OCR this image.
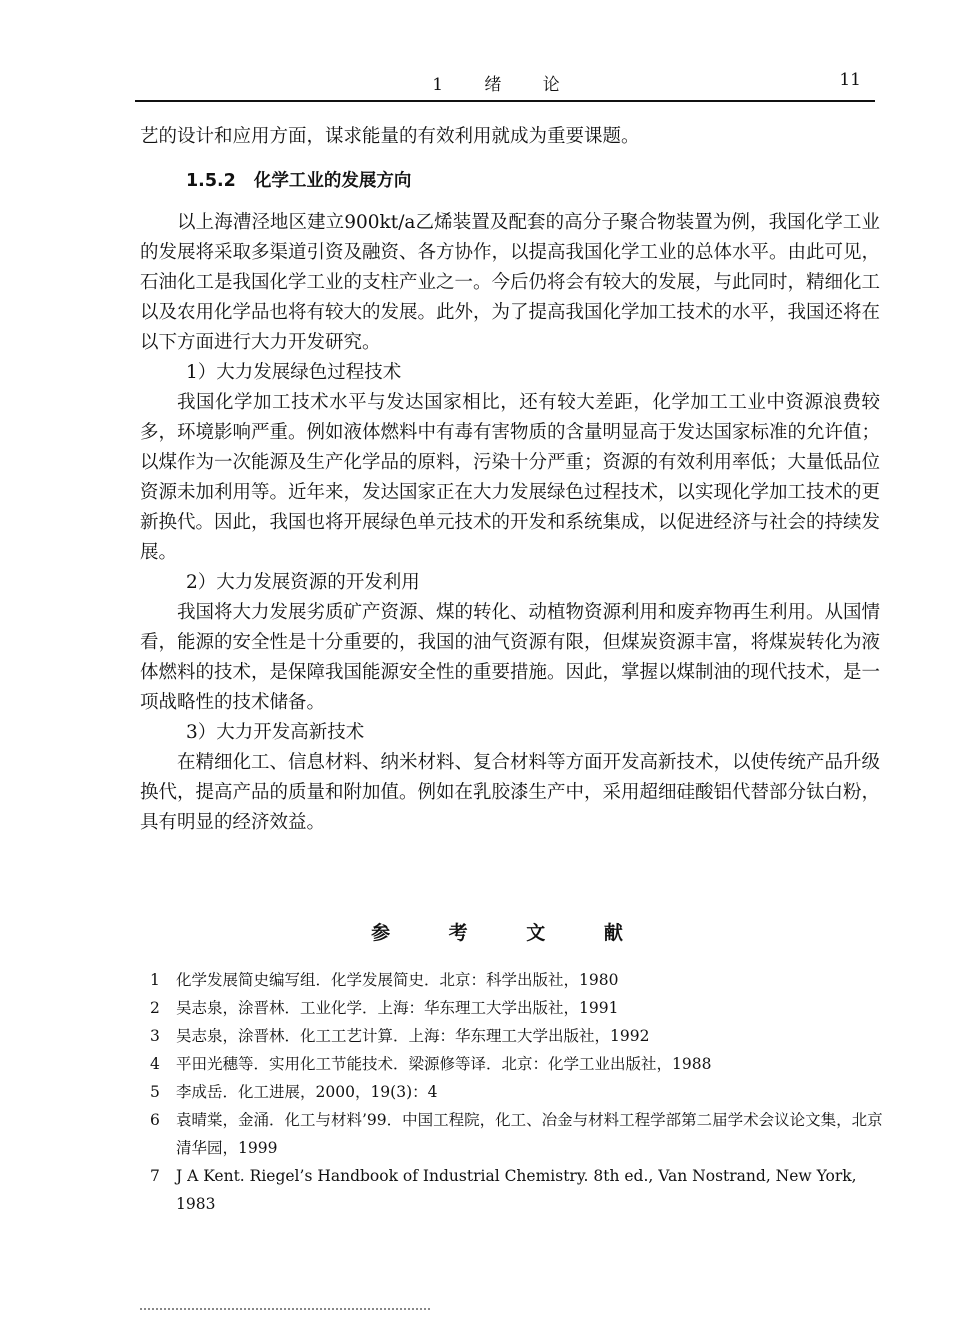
1 绪 论	11

艺的设计和应用方面，谋求能量的有效利用就成为重要课题。

1.5.2 化学工业的发展方向

以上海漕泾地区建立900kt/a乙烯装置及配套的高分子聚合物装置为例，我国化学工业的发展将采取多渠道引资及融资、各方协作，以提高我国化学工业的总体水平。由此可见，石油化工是我国化学工业的支柱产业之一。今后仍将会有较大的发展，与此同时，精细化工以及农用化学品也将有较大的发展。此外，为了提高我国化学加工技术的水平，我国还将在以下方面进行大力开发研究。

1）大力发展绿色过程技术

我国化学加工技术水平与发达国家相比，还有较大差距，化学加工工业中资源浪费较多，环境影响严重。例如液体燃料中有毒有害物质的含量明显高于发达国家标准的允许值；以煤作为一次能源及生产化学品的原料，污染十分严重；资源的有效利用率低；大量低品位资源未加利用等。近年来，发达国家正在大力发展绿色过程技术，以实现化学加工技术的更新换代。因此，我国也将开展绿色单元技术的开发和系统集成，以促进经济与社会的持续发展。

2）大力发展资源的开发利用

我国将大力发展劣质矿产资源、煤的转化、动植物资源利用和废弃物再生利用。从国情看，能源的安全性是十分重要的，我国的油气资源有限，但煤炭资源丰富，将煤炭转化为液体燃料的技术，是保障我国能源安全性的重要措施。因此，掌握以煤制油的现代技术，是一项战略性的技术储备。

3）大力开发高新技术

在精细化工、信息材料、纳米材料、复合材料等方面开发高新技术，以使传统产品升级换代，提高产品的质量和附加值。例如在乳胶漆生产中，采用超细硅酸铝代替部分钛白粉，具有明显的经济效益。

参 考 文 献
1 化学发展简史编写组．化学发展简史．北京：科学出版社，1980
2 吴志泉，涂晋林．工业化学．上海：华东理工大学出版社，1991
3 吴志泉，涂晋林．化工工艺计算．上海：华东理工大学出版社，1992
4 平田光穗等．实用化工节能技术．梁源修等译．北京：化学工业出版社，1988
5 李成岳．化工进展，2000，19(3)：4
6 袁晴棠，金涌．化工与材料’99．中国工程院，化工、冶金与材料工程学部第二届学术会议论文集，北京清华园，1999
7 J A Kent. Riegel’s Handbook of Industrial Chemistry. 8th ed., Van Nostrand, New York, 1983
